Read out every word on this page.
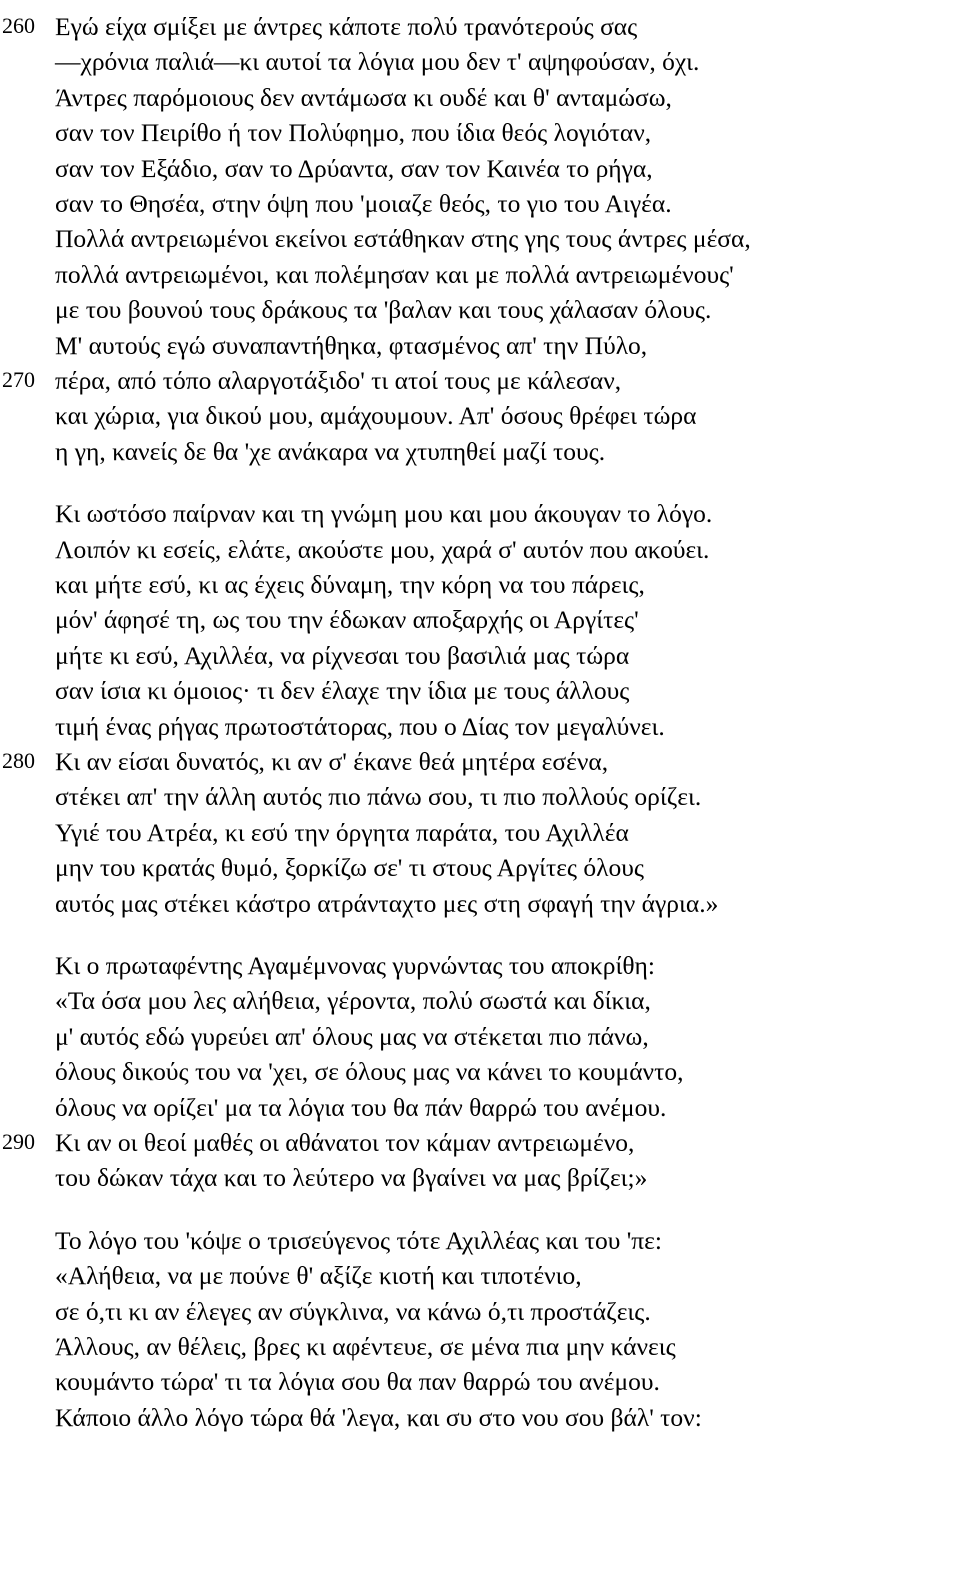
260 Εγώ είχα σμίξει με άντρες κάποτε πολύ τρανότερούς σας
—χρόνια παλιά—κι αυτοί τα λόγια μου δεν τ' αψηφούσαν, όχι.
Άντρες παρόμοιους δεν αντάμωσα κι ουδέ και θ' ανταμώσω,
σαν τον Πειρίθο ή τον Πολύφημο, που ίδια θεός λογιόταν,
σαν τον Εξάδιο, σαν το Δρύαντα, σαν τον Καινέα το ρήγα,
σαν το Θησέα, στην όψη που 'μοιαζε θεός, το γιο του Αιγέα.
Πολλά αντρειωμένοι εκείνοι εστάθηκαν στης γης τους άντρες μέσα,
πολλά αντρειωμένοι, και πολέμησαν και με πολλά αντρειωμένους'
με του βουνού τους δράκους τα 'βαλαν και τους χάλασαν όλους.
Μ' αυτούς εγώ συναπαντήθηκα, φτασμένος απ' την Πύλο,
270 πέρα, από τόπο αλαργοτάξιδο' τι ατοί τους με κάλεσαν,
και χώρια, για δικού μου, αμάχουμουν. Απ' όσους θρέφει τώρα
η γη, κανείς δε θα 'χε ανάκαρα να χτυπηθεί μαζί τους.
Κι ωστόσο παίρναν και τη γνώμη μου και μου άκουγαν το λόγο.
Λοιπόν κι εσείς, ελάτε, ακούστε μου, χαρά σ' αυτόν που ακούει.
και μήτε εσύ, κι ας έχεις δύναμη, την κόρη να του πάρεις,
μόν' άφησέ τη, ως του την έδωκαν αποξαρχής οι Αργίτες'
μήτε κι εσύ, Αχιλλέα, να ρίχνεσαι του βασιλιά μας τώρα
σαν ίσια κι όμοιος· τι δεν έλαχε την ίδια με τους άλλους
τιμή ένας ρήγας πρωτοστάτορας, που ο Δίας τον μεγαλύνει.
280 Κι αν είσαι δυνατός, κι αν σ' έκανε θεά μητέρα εσένα,
στέκει απ' την άλλη αυτός πιο πάνω σου, τι πιο πολλούς ορίζει.
Υγιέ του Ατρέα, κι εσύ την όργητα παράτα, του Αχιλλέα
μην του κρατάς θυμό, ξορκίζω σε' τι στους Αργίτες όλους
αυτός μας στέκει κάστρο ατράνταχτο μες στη σφαγή την άγρια.»
Κι ο πρωταφέντης Αγαμέμνονας γυρνώντας του αποκρίθη:
«Τα όσα μου λες αλήθεια, γέροντα, πολύ σωστά και δίκια,
μ' αυτός εδώ γυρεύει απ' όλους μας να στέκεται πιο πάνω,
όλους δικούς του να 'χει, σε όλους μας να κάνει το κουμάντο,
όλους να ορίζει' μα τα λόγια του θα πάν θαρρώ του ανέμου.
290 Κι αν οι θεοί μαθές οι αθάνατοι τον κάμαν αντρειωμένο,
του δώκαν τάχα και το λεύτερο να βγαίνει να μας βρίζει;»
Το λόγο του 'κόψε ο τρισεύγενος τότε Αχιλλέας και του 'πε:
«Αλήθεια, να με πούνε θ' αξίζε κιοτή και τιποτένιο,
σε ό,τι κι αν έλεγες αν σύγκλινα, να κάνω ό,τι προστάζεις.
Άλλους, αν θέλεις, βρες κι αφέντευε, σε μένα πια μην κάνεις
κουμάντο τώρα' τι τα λόγια σου θα παν θαρρώ του ανέμου.
Κάποιο άλλο λόγο τώρα θά 'λεγα, και συ στο νου σου βάλ' τον:
